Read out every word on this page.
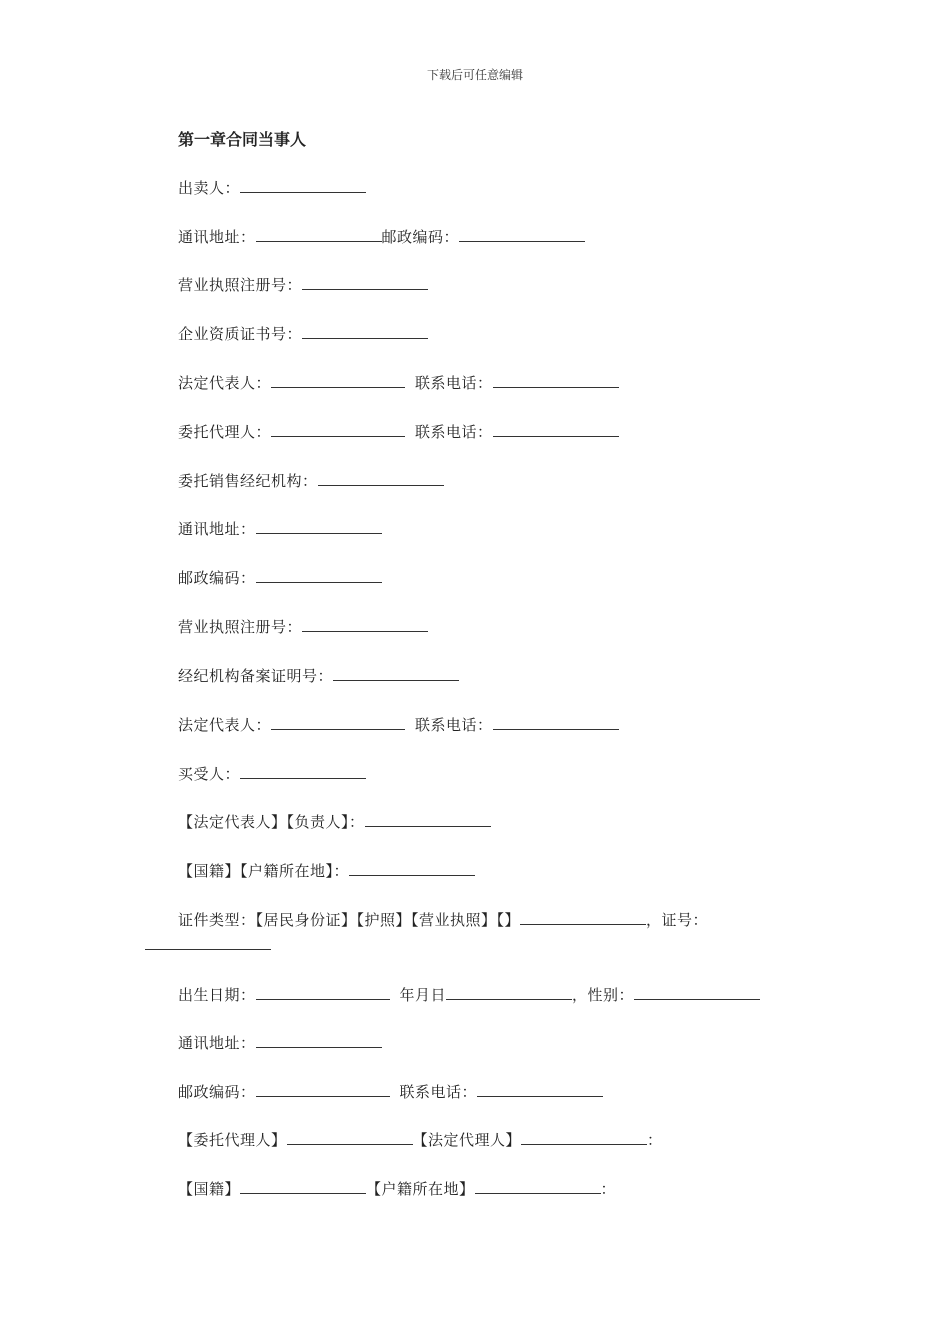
下载后可任意编辑
第一章合同当事人
出卖人：
通讯地址：	邮政编码：
营业执照注册号：
企业资质证书号：
法定代表人：	联系电话：
委托代理人：	联系电话：
委托销售经纪机构：
通讯地址：
邮政编码：
营业执照注册号：
经纪机构备案证明号：
法定代表人：	联系电话：
买受人：
【法定代表人】【负责人】：
【国籍】【户籍所在地】：
证件类型：【居民身份证】【护照】【营业执照】【】	，证号：
出生日期：	年月日	，性别：
通讯地址：
邮政编码：	联系电话：
【委托代理人】	【法定代理人】	：
【国籍】	【户籍所在地】	：
